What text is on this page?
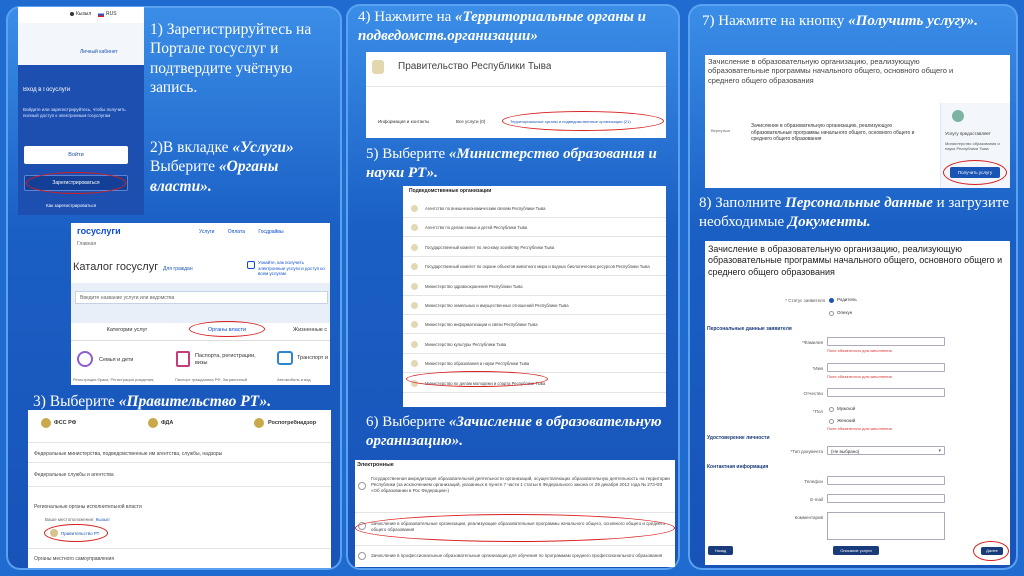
Кызыл	RUS
Личный кабинет
Вход в Госуслуги
Войдите или зарегистрируйтесь, чтобы получить полный доступ к электронным госуслугам
Войти
Зарегистрироваться
Как зарегистрироваться
1) Зарегистрируйтесь на Портале госуслуг и подтвердите учётную запись.
2)В вкладке «Услуги» Выберите «Органы власти».
госуслуги	Услуги	Оплата	Госдрайвы
Главная
Каталог госуслуг Для граждан
Узнайте, как получить электронные услуги и доступ ко всем услугам
Введите название услуги или ведомства
Категории услуг	Органы власти	Жизненные с
Семья и дети
Паспорта, регистрации, визы
Транспорт и
Регистрация брака, Регистрация рождения,	Паспорт гражданина РФ, Заграничный	Автомобиль и вод
3) Выберите «Правительство РТ».
ФСС РФ	ФДА	Роспотребнадзор
Федеральные министерства, подведомственные им агентства, службы, надзоры
Федеральные службы и агентства
Региональные органы исполнительной власти
Ваше местоположение: Кызыл
Правительство РТ
Органы местного самоуправления
4) Нажмите на «Территориальные органы и подведомств.организации»
Правительство Республики Тыва
Информация и контакты	Все услуги (0)	Территориальные органы и подведомственные организации (21)
5) Выберите «Министерство образования и науки РТ».
Подведомственные организации
Агентство по внешнеэкономическим связям Республики Тыва
Агентство по делам семьи и детей Республики Тыва
Государственный комитет по лесному хозяйству Республики Тыва
Государственный комитет по охране объектов животного мира и водных биологических ресурсов Республики Тыва
Министерство здравоохранения Республики Тыва
Министерство земельных и имущественных отношений Республики Тыва
Министерство информатизации и связи Республики Тыва
Министерство культуры Республики Тыва
Министерство образования и науки Республики Тыва
Министерство по делам молодежи и спорта Республики Тыва
6) Выберите «Зачисление в образовательную организацию».
Электронные
Государственная аккредитация образовательной деятельности организаций, осуществляющих образовательную деятельность на территории Республики (за исключением организаций, указанных в пункте 7 части 1 статьи 6 Федерального закона от 29 декабря 2012 года № 273-ФЗ «Об образовании в Рос Федерации»)
Зачисление в образовательные организации, реализующие образовательные программы начального общего, основного общего и среднего общего образования
Зачисление в профессиональные образовательные организации для обучения по программам среднего профессионального образования
7) Нажмите на кнопку «Получить услугу».
Зачисление в образовательную организацию, реализующую образовательные программы начального общего, основного общего и среднего общего образования
Вернуться
Зачисление в образовательную организацию, реализующую образовательные программы начального общего, основного общего и среднего общего образования
Услугу предоставляет
Министерство образования и науки Республики Тыва
Получить услугу
8) Заполните Персональные данные и загрузите необходимые Документы.
Зачисление в образовательную организацию, реализующую образовательные программы начального общего, основного общего и среднего общего образования
* Статус заявителя	Родитель
Опекун
Персональные данные заявителя
*Фамилия
Поле обязательно для заполнения
*Имя
Поле обязательно для заполнения
Отчество
*Пол
Мужской
Женский
Поле обязательно для заполнения
Удостоверение личности
*Тип документа (Не выбрано)	▾
Контактная информация
Телефон
E-mail
Комментарий
Назад	Описание услуги	Далее
